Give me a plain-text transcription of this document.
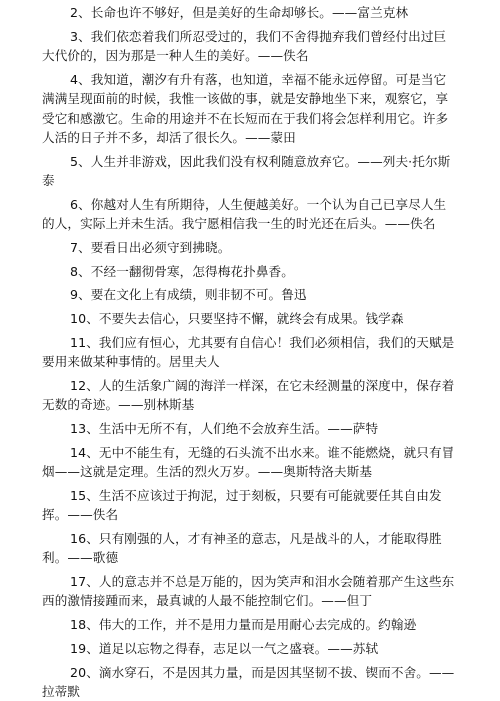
2、长命也许不够好，但是美好的生命却够长。——富兰克林

3、我们依恋着我们所忍受过的，我们不舍得抛弃我们曾经付出过巨大代价的，因为那是一种人生的美好。——佚名

4、我知道，潮汐有升有落，也知道，幸福不能永远停留。可是当它满满呈现面前的时候，我惟一该做的事，就是安静地坐下来，观察它，享受它和感激它。生命的用途并不在长短而在于我们将会怎样利用它。许多人活的日子并不多，却活了很长久。——蒙田

5、人生并非游戏，因此我们没有权利随意放弃它。——列夫·托尔斯泰

6、你越对人生有所期待，人生便越美好。一个认为自己已享尽人生的人，实际上并未生活。我宁愿相信我一生的时光还在后头。——佚名

7、要看日出必须守到拂晓。

8、不经一翻彻骨寒，怎得梅花扑鼻香。

9、要在文化上有成绩，则非韧不可。鲁迅

10、不要失去信心，只要坚持不懈，就终会有成果。钱学森

11、我们应有恒心，尤其要有自信心！我们必须相信，我们的天赋是要用来做某种事情的。居里夫人

12、人的生活象广阔的海洋一样深，在它未经测量的深度中，保存着无数的奇迹。——别林斯基

13、生活中无所不有，人们绝不会放弃生活。——萨特

14、无中不能生有，无缝的石头流不出水来。谁不能燃烧，就只有冒烟——这就是定理。生活的烈火万岁。——奥斯特洛夫斯基

15、生活不应该过于拘泥，过于刻板，只要有可能就要任其自由发挥。——佚名

16、只有刚强的人，才有神圣的意志，凡是战斗的人，才能取得胜利。——歌德

17、人的意志并不总是万能的，因为笑声和泪水会随着那产生这些东西的激情接踵而来，最真诚的人最不能控制它们。——但丁

18、伟大的工作，并不是用力量而是用耐心去完成的。约翰逊

19、道足以忘物之得春，志足以一气之盛衰。——苏轼

20、滴水穿石，不是因其力量，而是因其坚韧不拔、锲而不舍。——拉蒂默
